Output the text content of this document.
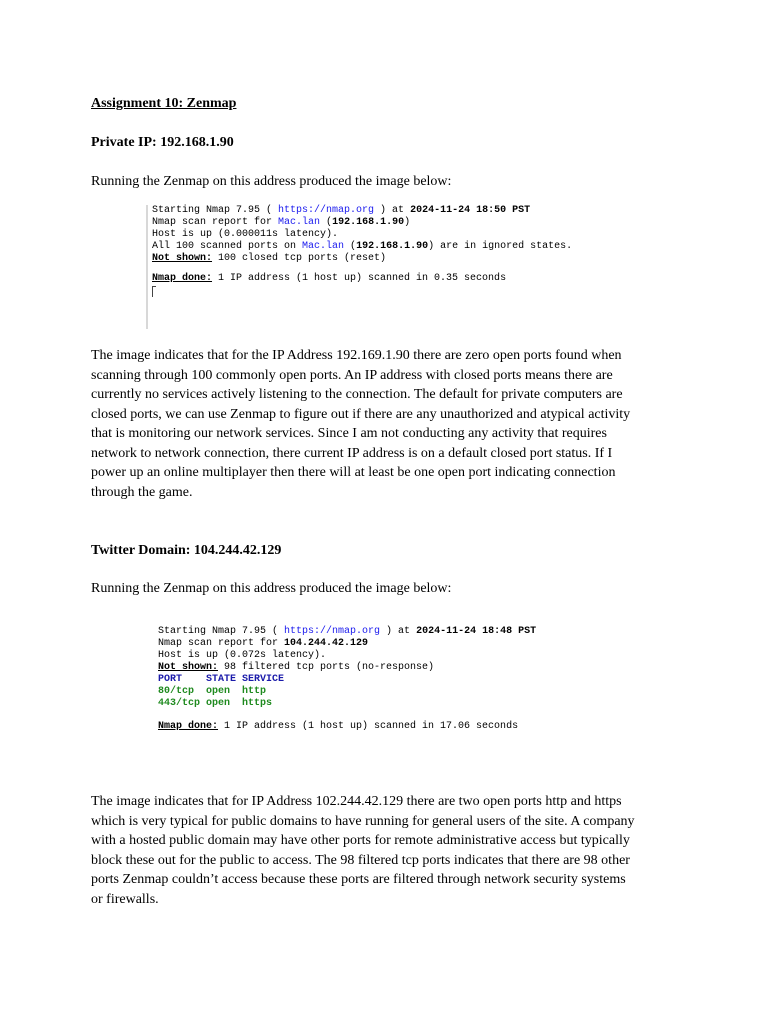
Assignment 10: Zenmap
Private IP: 192.168.1.90
Running the Zenmap on this address produced the image below:
Starting Nmap 7.95 ( https://nmap.org ) at 2024-11-24 18:50 PST
Nmap scan report for Mac.lan (192.168.1.90)
Host is up (0.000011s latency).
All 100 scanned ports on Mac.lan (192.168.1.90) are in ignored states.
Not shown: 100 closed tcp ports (reset)
Nmap done: 1 IP address (1 host up) scanned in 0.35 seconds
The image indicates that for the IP Address 192.169.1.90 there are zero open ports found when
scanning through 100 commonly open ports. An IP address with closed ports means there are
currently no services actively listening to the connection. The default for private computers are
closed ports, we can use Zenmap to figure out if there are any unauthorized and atypical activity
that is monitoring our network services. Since I am not conducting any activity that requires
network to network connection, there current IP address is on a default closed port status. If I
power up an online multiplayer then there will at least be one open port indicating connection
through the game.
Twitter Domain: 104.244.42.129
Running the Zenmap on this address produced the image below:
Starting Nmap 7.95 ( https://nmap.org ) at 2024-11-24 18:48 PST
Nmap scan report for 104.244.42.129
Host is up (0.072s latency).
Not shown: 98 filtered tcp ports (no-response)
PORT    STATE SERVICE
80/tcp  open  http
443/tcp open  https
Nmap done: 1 IP address (1 host up) scanned in 17.06 seconds
The image indicates that for IP Address 102.244.42.129 there are two open ports http and https
which is very typical for public domains to have running for general users of the site. A company
with a hosted public domain may have other ports for remote administrative access but typically
block these out for the public to access. The 98 filtered tcp ports indicates that there are 98 other
ports Zenmap couldn’t access because these ports are filtered through network security systems
or firewalls.
